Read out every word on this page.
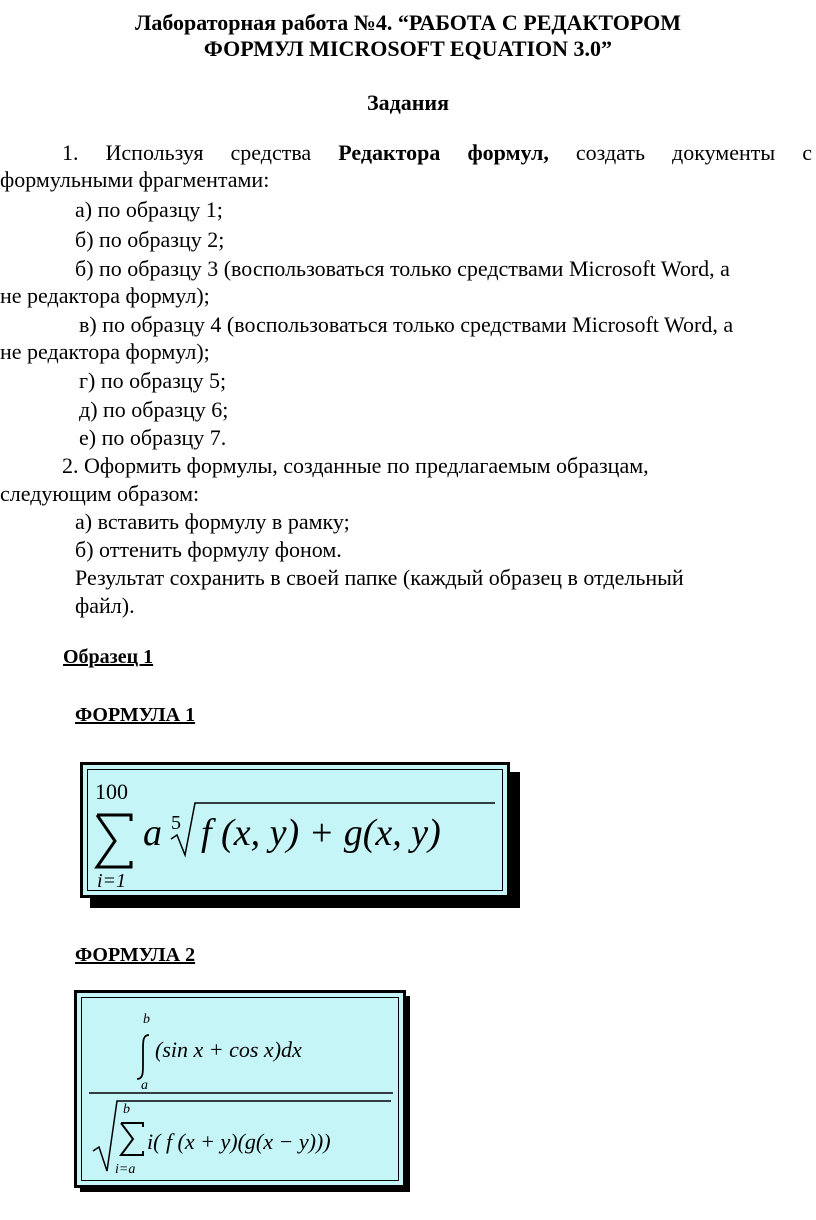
Лабораторная работа №4. “РАБОТА С РЕДАКТОРОМ
ФОРМУЛ MICROSOFT EQUATION 3.0”
Задания
1. Используя средства Редактора формул, создать документы с
формульными фрагментами:
а) по образцу 1;
б) по образцу 2;
б) по образцу 3 (воспользоваться только средствами Microsoft Word, а
не редактора формул);
в) по образцу 4 (воспользоваться только средствами Microsoft Word, а
не редактора формул);
г) по образцу 5;
д) по образцу 6;
е) по образцу 7.
2. Оформить формулы, созданные по предлагаемым образцам,
следующим образом:
а) вставить формулу в рамку;
б) оттенить формулу фоном.
Результат сохранить в своей папке (каждый образец в отдельный
файл).
Образец 1
ФОРМУЛА 1
100
i=1
a 5 f (x, y) + g(x, y)
ФОРМУЛА 2
b
a
(sin x + cos x)dx
b
i=a
i( f (x + y)(g(x − y)))
